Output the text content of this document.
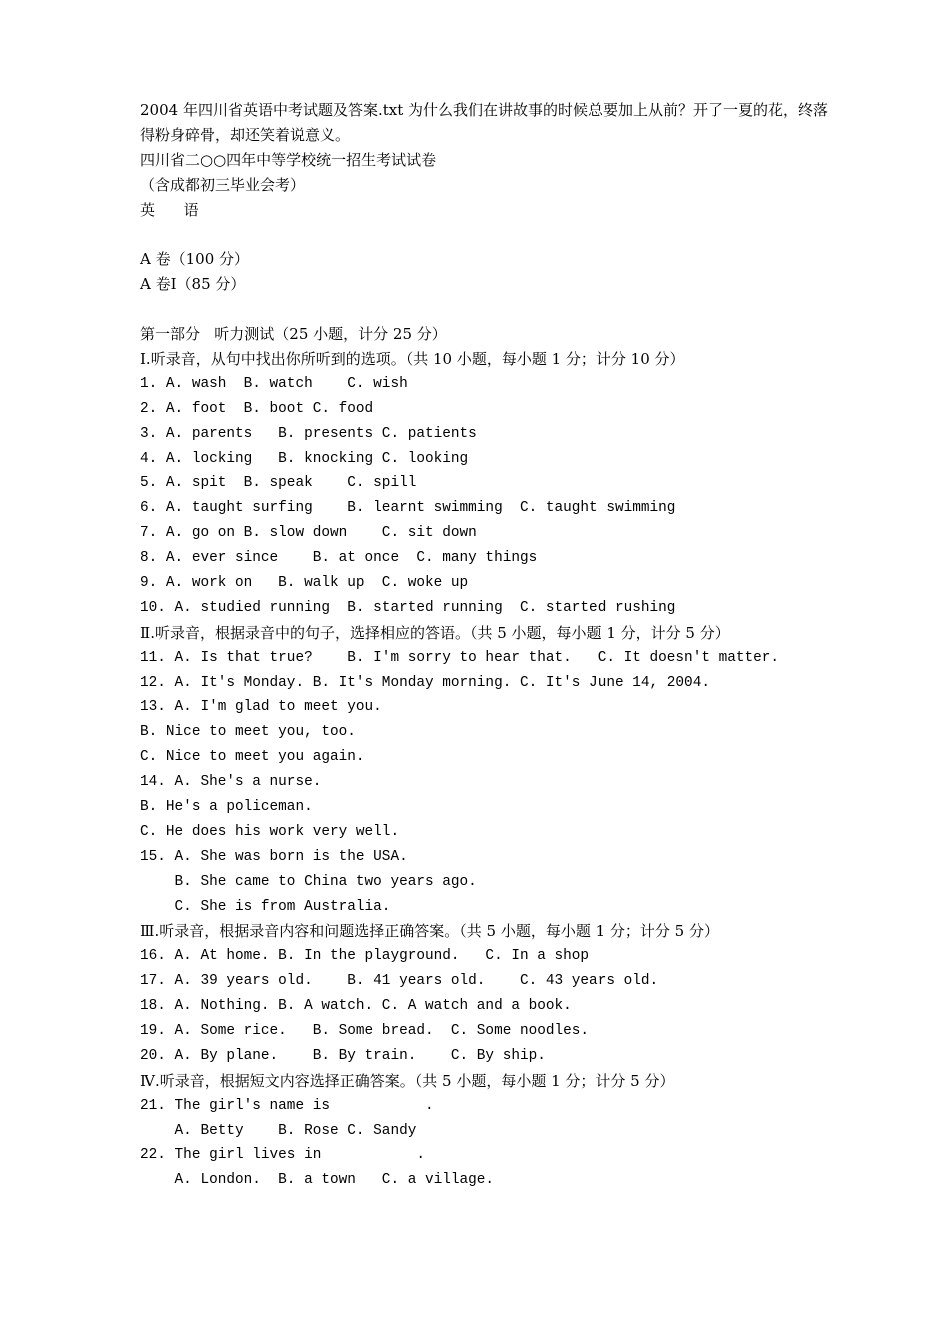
2004 年四川省英语中考试题及答案.txt 为什么我们在讲故事的时候总要加上从前？开了一夏的花，终落得粉身碎骨，却还笑着说意义。
四川省二○○四年中等学校统一招生考试试卷
（含成都初三毕业会考）
英      语
A 卷（100 分）
A 卷Ⅰ（85 分）
第一部分   听力测试（25 小题，计分 25 分）
Ⅰ.听录音，从句中找出你所听到的选项。（共 10 小题，每小题 1 分；计分 10 分）
1. A. wash  B. watch    C. wish
2. A. foot  B. boot C. food
3. A. parents   B. presents C. patients
4. A. locking   B. knocking C. looking
5. A. spit  B. speak    C. spill
6. A. taught surfing    B. learnt swimming  C. taught swimming
7. A. go on B. slow down    C. sit down
8. A. ever since    B. at once  C. many things
9. A. work on   B. walk up  C. woke up
10. A. studied running  B. started running  C. started rushing
Ⅱ.听录音，根据录音中的句子，选择相应的答语。（共 5 小题，每小题 1 分，计分 5 分）
11. A. Is that true?    B. I'm sorry to hear that.   C. It doesn't matter.
12. A. It's Monday. B. It's Monday morning. C. It's June 14, 2004.
13. A. I'm glad to meet you.
B. Nice to meet you, too.
C. Nice to meet you again.
14. A. She's a nurse.
B. He's a policeman.
C. He does his work very well.
15. A. She was born is the USA.
B. She came to China two years ago.
C. She is from Australia.
Ⅲ.听录音，根据录音内容和问题选择正确答案。（共 5 小题，每小题 1 分；计分 5 分）
16. A. At home. B. In the playground.   C. In a shop
17. A. 39 years old.    B. 41 years old.    C. 43 years old.
18. A. Nothing. B. A watch. C. A watch and a book.
19. A. Some rice.   B. Some bread.  C. Some noodles.
20. A. By plane.    B. By train.    C. By ship.
Ⅳ.听录音，根据短文内容选择正确答案。（共 5 小题，每小题 1 分；计分 5 分）
21. The girl's name is           .
A. Betty    B. Rose C. Sandy
22. The girl lives in           .
A. London.  B. a town   C. a village.
